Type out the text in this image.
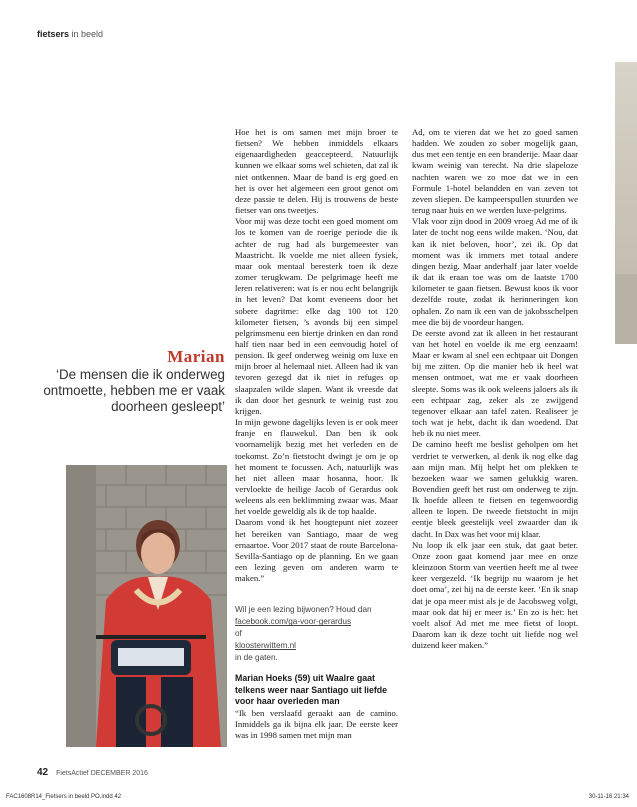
fietsers in beeld
Marian
‘De mensen die ik onderweg ontmoette, hebben me er vaak doorheen gesleept’

Hoe het is om samen met mijn broer te fietsen? We hebben inmiddels elkaars eigenaardigheden geaccepteerd. Natuurlijk kunnen we elkaar soms wel schieten, dat zal ik niet ontkennen. Maar de band is erg goed en het is over het algemeen een groot genot om deze passie te delen. Hij is trouwens de beste fietser van ons tweetjes.

Voor mij was deze tocht een goed moment om los te komen van de roerige periode die ik achter de rug had als burgemeester van Maastricht. Ik voelde me niet alleen fysiek, maar ook mentaal beresterk toen ik deze zomer terugkwam. De pelgrimage heeft me leren relativeren: wat is er nou echt belangrijk in het leven? Dat komt eveneens door het sobere dagritme: elke dag 100 tot 120 kilometer fietsen, ’s avonds bij een simpel pelgrimsmenu een biertje drinken en dan rond half tien naar bed in een eenvoudig hotel of pension. Ik geef onderweg weinig om luxe en mijn broer al helemaal niet. Alleen had ik van tevoren gezegd dat ik niet in refuges op slaapzalen wilde slapen. Want ik vreesde dat ik dan door het gesnurk te weinig rust zou krijgen.

In mijn gewone dagelijks leven is er ook meer franje en flauwekul. Dan ben ik ook voornamelijk bezig met het verleden en de toekomst. Zo’n fietstocht dwingt je om je op het moment te focussen. Ach, natuurlijk was het niet alleen maar hosanna, hoor. Ik vervloekte de heilige Jacob of Gerardus ook weleens als een beklimming zwaar was. Maar het voelde geweldig als ik de top haalde.

Daarom vond ik het hoogtepunt niet zozeer het bereiken van Santiago, maar de weg ernaartoe. Voor 2017 staat de route Barcelona-Sevilla-Santiago op de planning. En we gaan een lezing geven om anderen warm te maken.”

Wil je een lezing bijwonen? Houd dan
facebook.com/ga-voor-gerardus
of
kloosterwittem.nl
in de gaten.

Marian Hoeks (59) uit Waalre gaat telkens weer naar Santiago uit liefde voor haar overleden man

“Ik ben verslaafd geraakt aan de camino. Inmiddels ga ik bijna elk jaar. De eerste keer was in 1998 samen met mijn man

Ad, om te vieren dat we het zo goed samen hadden. We zouden zo sober mogelijk gaan, dus met een tentje en een branderije. Maar daar kwam weinig van terecht. Na drie slapeloze nachten waren we zo moe dat we in een Formule 1-hotel belandden en van zeven tot zeven sliepen. De kampeerspullen stuurden we terug naar huis en we werden luxe-pelgrims.

Vlak voor zijn dood in 2009 vroeg Ad me of ik later de tocht nog eens wilde maken. ‘Nou, dat kan ik niet beloven, hoor’, zei ik. Op dat moment was ik immers met totaal andere dingen bezig. Maar anderhalf jaar later voelde ik dat ik eraan toe was om de laatste 1700 kilometer te gaan fietsen. Bewust koos ik voor dezelfde route, zodat ik herinneringen kon ophalen. Zo nam ik een van de jakobsschelpen mee die bij de voordeur hangen.

De eerste avond zat ik alleen in het restaurant van het hotel en voelde ik me erg eenzaam! Maar er kwam al snel een echtpaar uit Dongen bij me zitten. Op die manier heb ik heel wat mensen ontmoet, wat me er vaak doorheen sleepte. Soms was ik ook weleens jaloers als ik een echtpaar zag, zeker als ze zwijgend tegenover elkaar aan tafel zaten. Realiseer je toch wat je hebt, dacht ik dan woedend. Dat heb ik nu niet meer.

De camino heeft me beslist geholpen om het verdriet te verwerken, al denk ik nog elke dag aan mijn man. Mij helpt het om plekken te bezoeken waar we samen gelukkig waren. Bovendien geeft het rust om onderweg te zijn. Ik hoefde alleen te fietsen en tegenwoordig alleen te lopen. De tweede fietstocht in mijn eentje bleek geestelijk veel zwaarder dan ik dacht. In Dax was het voor mij klaar.

Nu loop ik elk jaar een stuk, dat gaat beter. Onze zoon gaat komend jaar mee en onze kleinzoon Storm van veertien heeft me al twee keer vergezeld. ‘Ik begrijp nu waarom je het doet oma’, zei hij na de eerste keer. ‘En ik snap dat je opa meer mist als je de Jacobsweg volgt, maar ook dat hij er meer is.’ En zo is het: het voelt alsof Ad met me mee fietst of loopt. Daarom kan ik deze tocht uit liefde nog wel duizend keer maken.”

42 FietsActief DECEMBER 2016
FAC1608R14_Fietsers in beeld PO.indd 42	30-11-16 21:34
